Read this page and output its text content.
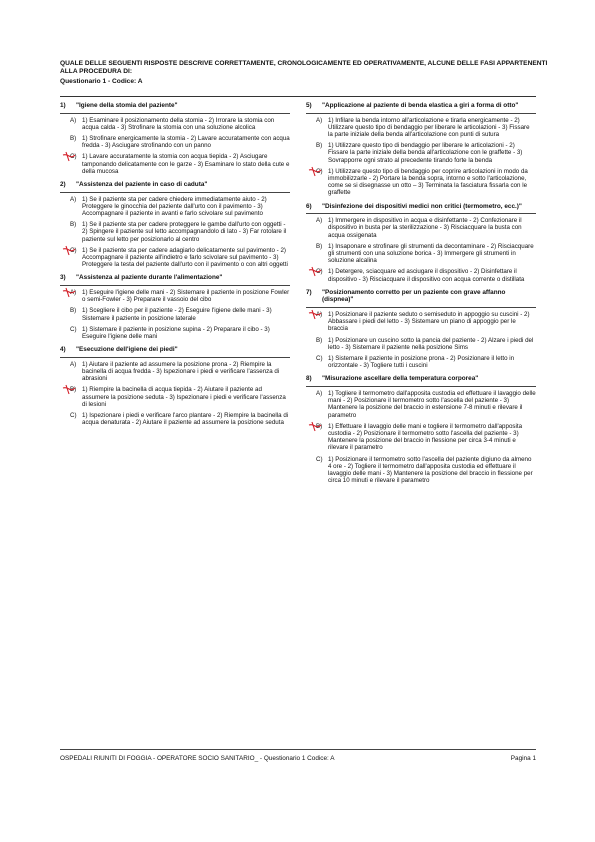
QUALE DELLE SEGUENTI RISPOSTE DESCRIVE CORRETTAMENTE, CRONOLOGICAMENTE ED OPERATIVAMENTE, ALCUNE DELLE FASI APPARTENENTI ALLA PROCEDURA DI:
Questionario 1 - Codice: A
1)	"Igiene della stomia del paziente"
A) 1) Esaminare il posizionamento della stomia - 2) Irrorare la stomia con acqua calda - 3) Strofinare la stomia con una soluzione alcolica
B) 1) Strofinare energicamente la stomia - 2) Lavare accuratamente con acqua fredda - 3) Asciugare strofinando con un panno
C) 1) Lavare accuratamente la stomia con acqua tiepida - 2) Asciugare tamponando delicatamente con le garze - 3) Esaminare lo stato della cute e della mucosa
2)	"Assistenza del paziente in caso di caduta"
A) 1) Se il paziente sta per cadere chiedere immediatamente aiuto - 2) Proteggere le ginocchia del paziente dall'urto con il pavimento - 3) Accompagnare il paziente in avanti e farlo scivolare sul pavimento
B) 1) Se il paziente sta per cadere proteggere le gambe dall'urto con oggetti - 2) Spingere il paziente sul letto accompagnandolo di lato - 3) Far rotolare il paziente sul letto per posizionarlo al centro
C) 1) Se il paziente sta per cadere adagiarlo delicatamente sul pavimento - 2) Accompagnare il paziente all'indietro e farlo scivolare sul pavimento - 3) Proteggere la testa del paziente dall'urto con il pavimento o con altri oggetti
3)	"Assistenza al paziente durante l'alimentazione"
A) 1) Eseguire l'igiene delle mani - 2) Sistemare il paziente in posizione Fowler o semi-Fowler - 3) Preparare il vassoio del cibo
B) 1) Scegliere il cibo per il paziente - 2) Eseguire l'igiene delle mani - 3) Sistemare il paziente in posizione laterale
C) 1) Sistemare il paziente in posizione supina - 2) Preparare il cibo - 3) Eseguire l'igiene delle mani
4)	"Esecuzione dell'igiene dei piedi"
A) 1) Aiutare il paziente ad assumere la posizione prona - 2) Riempire la bacinella di acqua fredda - 3) Ispezionare i piedi e verificare l'assenza di abrasioni
B) 1) Riempire la bacinella di acqua tiepida - 2) Aiutare il paziente ad assumere la posizione seduta - 3) Ispezionare i piedi e verificare l'assenza di lesioni
C) 1) Ispezionare i piedi e verificare l'arco plantare - 2) Riempire la bacinella di acqua denaturata - 2) Aiutare il paziente ad assumere la posizione seduta
5)	"Applicazione al paziente di benda elastica a giri a forma di otto"
A) 1) Infilare la benda intorno all'articolazione e tirarla energicamente - 2) Utilizzare questo tipo di bendaggio per liberare le articolazioni - 3) Fissare la parte iniziale della benda all'articolazione con punti di sutura
B) 1) Utilizzare questo tipo di bendaggio per liberare le articolazioni - 2) Fissare la parte iniziale della benda all'articolazione con le graffette - 3) Sovrapporre ogni strato al precedente tirando forte la benda
C) 1) Utilizzare questo tipo di bendaggio per coprire articolazioni in modo da immobilizzarle - 2) Portare la benda sopra, intorno e sotto l'articolazione, come se si disegnasse un otto – 3) Terminata la fasciatura fissarla con le graffette
6)	"Disinfezione dei dispositivi medici non critici (termometro, ecc.)"
A) 1) Immergere in dispositivo in acqua e disinfettante - 2) Confezionare il dispositivo in busta per la sterilizzazione - 3) Risciacquare la busta con acqua ossigenata
B) 1) Insaponare e strofinare gli strumenti da decontaminare - 2) Risciacquare gli strumenti con una soluzione borica - 3) Immergere gli strumenti in soluzione alcalina
C) 1) Detergere, sciacquare ed asciugare il dispositivo - 2) Disinfettare il dispositivo - 3) Risciacquare il dispositivo con acqua corrente o distillata
7)	"Posizionamento corretto per un paziente con grave affanno (dispnea)"
A) 1) Posizionare il paziente seduto o semiseduto in appoggio su cuscini - 2) Abbassare i piedi del letto - 3) Sistemare un piano di appoggio per le braccia
B) 1) Posizionare un cuscino sotto la pancia del paziente - 2) Alzare i piedi del letto - 3) Sistemare il paziente nella posizione Sims
C) 1) Sistemare il paziente in posizione prona - 2) Posizionare il letto in orizzontale - 3) Togliere tutti i cuscini
8)	"Misurazione ascellare della temperatura corporea"
A) 1) Togliere il termometro dall'apposita custodia ed effettuare il lavaggio delle mani - 2) Posizionare il termometro sotto l'ascella del paziente - 3) Mantenere la posizione del braccio in estensione 7-8 minuti e rilevare il parametro
B) 1) Effettuare il lavaggio delle mani e togliere il termometro dall'apposita custodia - 2) Posizionare il termometro sotto l'ascella del paziente - 3) Mantenere la posizione del braccio in flessione per circa 3-4 minuti e rilevare il parametro
C) 1) Posizionare il termometro sotto l'ascella del paziente digiuno da almeno 4 ore - 2) Togliere il termometro dall'apposita custodia ed effettuare il lavaggio delle mani - 3) Mantenere la posizione del braccio in flessione per circa 10 minuti e rilevare il parametro
OSPEDALI RIUNITI DI FOGGIA - OPERATORE SOCIO SANITARIO_ - Questionario 1 Codice: A	Pagina 1
